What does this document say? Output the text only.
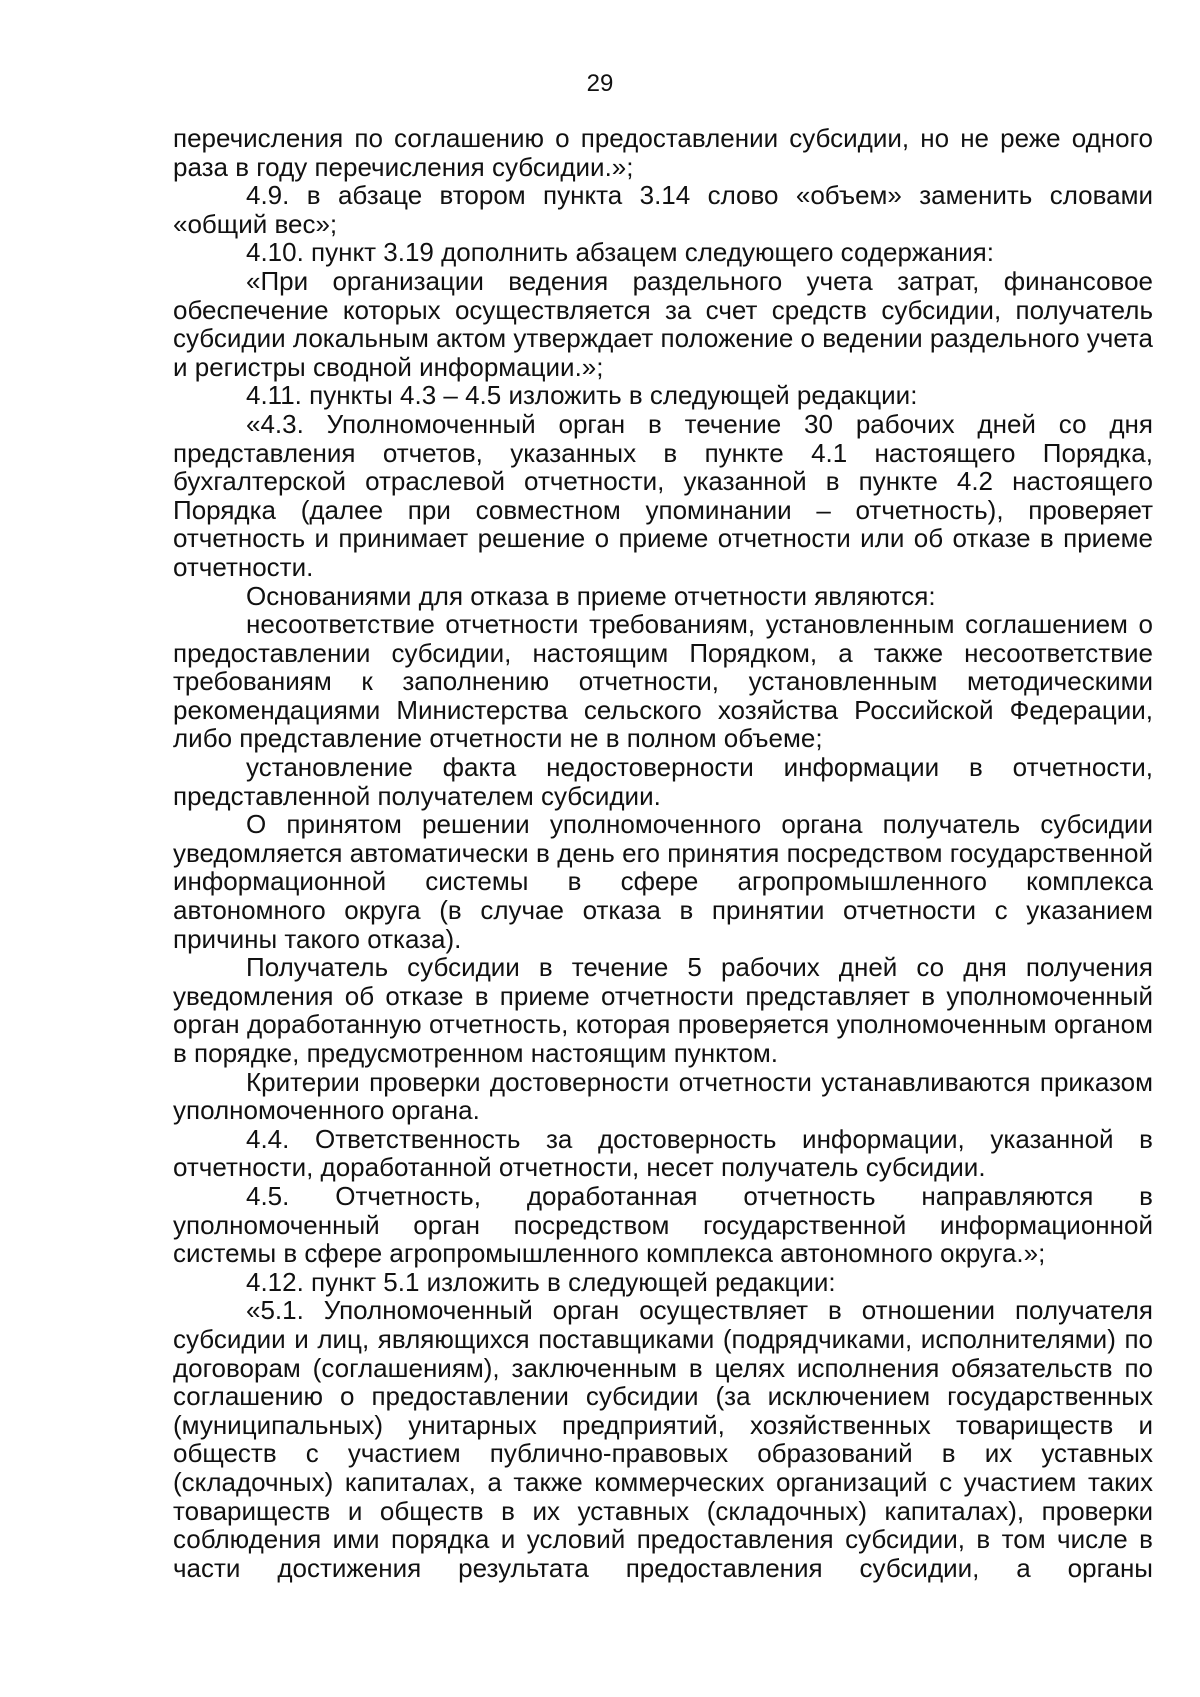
29

перечисления по соглашению о предоставлении субсидии, но не реже одного раза в году перечисления субсидии.»;

4.9. в абзаце втором пункта 3.14 слово «объем» заменить словами «общий вес»;

4.10. пункт 3.19 дополнить абзацем следующего содержания:

«При организации ведения раздельного учета затрат, финансовое обеспечение которых осуществляется за счет средств субсидии, получатель субсидии локальным актом утверждает положение о ведении раздельного учета и регистры сводной информации.»;

4.11. пункты 4.3 – 4.5 изложить в следующей редакции:

«4.3. Уполномоченный орган в течение 30 рабочих дней со дня представления отчетов, указанных в пункте 4.1 настоящего Порядка, бухгалтерской отраслевой отчетности, указанной в пункте 4.2 настоящего Порядка (далее при совместном упоминании – отчетность), проверяет отчетность и принимает решение о приеме отчетности или об отказе в приеме отчетности.

Основаниями для отказа в приеме отчетности являются:

несоответствие отчетности требованиям, установленным соглашением о предоставлении субсидии, настоящим Порядком, а также несоответствие требованиям к заполнению отчетности, установленным методическими рекомендациями Министерства сельского хозяйства Российской Федерации, либо представление отчетности не в полном объеме;

установление факта недостоверности информации в отчетности, представленной получателем субсидии.

О принятом решении уполномоченного органа получатель субсидии уведомляется автоматически в день его принятия посредством государственной информационной системы в сфере агропромышленного комплекса автономного округа (в случае отказа в принятии отчетности с указанием причины такого отказа).

Получатель субсидии в течение 5 рабочих дней со дня получения уведомления об отказе в приеме отчетности представляет в уполномоченный орган доработанную отчетность, которая проверяется уполномоченным органом в порядке, предусмотренном настоящим пунктом.

Критерии проверки достоверности отчетности устанавливаются приказом уполномоченного органа.

4.4. Ответственность за достоверность информации, указанной в отчетности, доработанной отчетности, несет получатель субсидии.

4.5. Отчетность, доработанная отчетность направляются в уполномоченный орган посредством государственной информационной системы в сфере агропромышленного комплекса автономного округа.»;

4.12. пункт 5.1 изложить в следующей редакции:

«5.1. Уполномоченный орган осуществляет в отношении получателя субсидии и лиц, являющихся поставщиками (подрядчиками, исполнителями) по договорам (соглашениям), заключенным в целях исполнения обязательств по соглашению о предоставлении субсидии (за исключением государственных (муниципальных) унитарных предприятий, хозяйственных товариществ и обществ с участием публично-правовых образований в их уставных (складочных) капиталах, а также коммерческих организаций с участием таких товариществ и обществ в их уставных (складочных) капиталах), проверки соблюдения ими порядка и условий предоставления субсидии, в том числе в части достижения результата предоставления субсидии, а органы
